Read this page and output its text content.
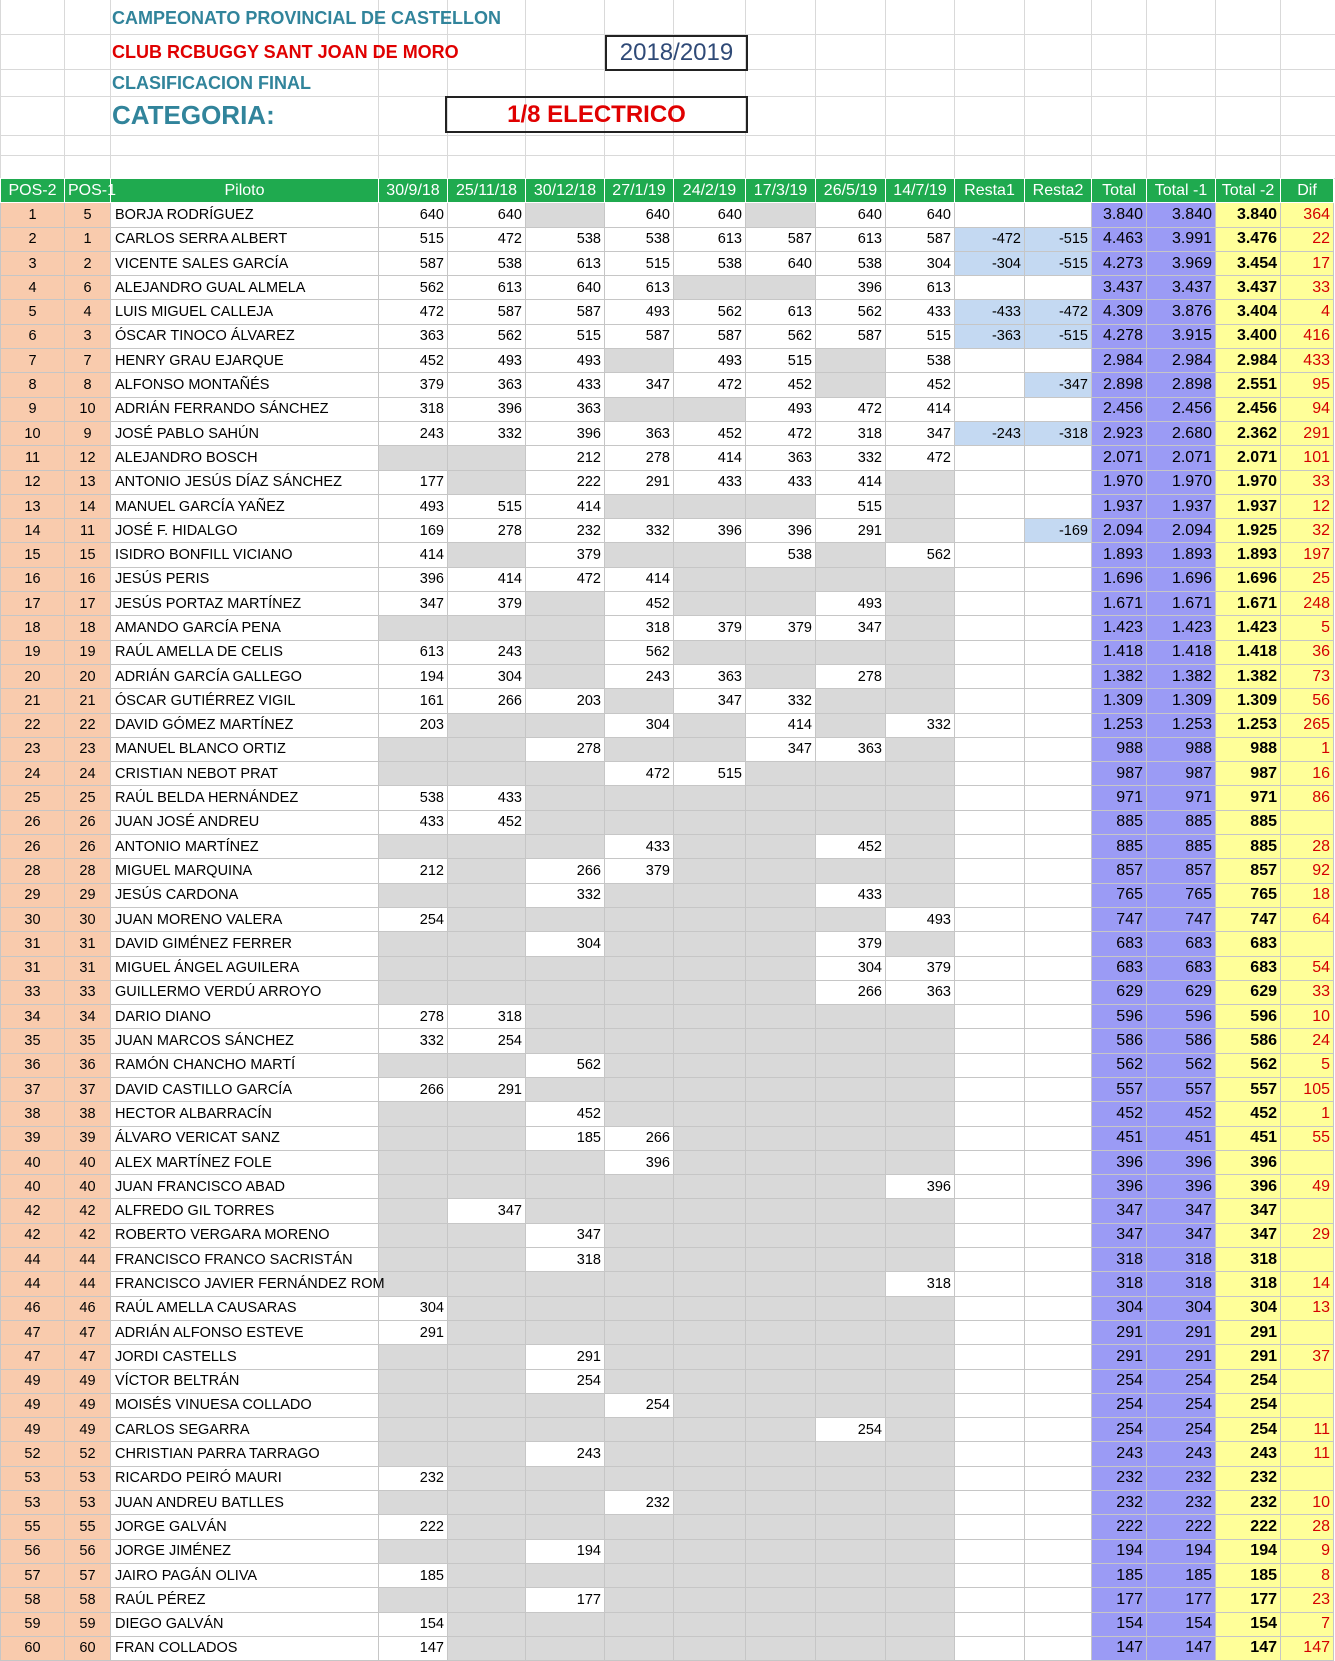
CAMPEONATO PROVINCIAL DE CASTELLON
CLUB RCBUGGY SANT JOAN DE MORO	2018/2019
CLASIFICACION FINAL
CATEGORIA:	1/8 ELECTRICO
POS-2	POS-1	Piloto	30/9/18	25/11/18	30/12/18	27/1/19	24/2/19	17/3/19	26/5/19	14/7/19	Resta1	Resta2	Total	Total -1	Total -2	Dif
1	5	BORJA RODRÍGUEZ	640	640		640	640		640	640			3.840	3.840	3.840	364
2	1	CARLOS SERRA ALBERT	515	472	538	538	613	587	613	587	-472	-515	4.463	3.991	3.476	22
3	2	VICENTE SALES GARCÍA	587	538	613	515	538	640	538	304	-304	-515	4.273	3.969	3.454	17
4	6	ALEJANDRO GUAL ALMELA	562	613	640	613			396	613			3.437	3.437	3.437	33
5	4	LUIS MIGUEL CALLEJA	472	587	587	493	562	613	562	433	-433	-472	4.309	3.876	3.404	4
6	3	ÓSCAR TINOCO ÁLVAREZ	363	562	515	587	587	562	587	515	-363	-515	4.278	3.915	3.400	416
7	7	HENRY GRAU EJARQUE	452	493	493		493	515		538			2.984	2.984	2.984	433
8	8	ALFONSO MONTAÑÉS	379	363	433	347	472	452		452		-347	2.898	2.898	2.551	95
9	10	ADRIÁN FERRANDO SÁNCHEZ	318	396	363			493	472	414			2.456	2.456	2.456	94
10	9	JOSÉ PABLO SAHÚN	243	332	396	363	452	472	318	347	-243	-318	2.923	2.680	2.362	291
11	12	ALEJANDRO BOSCH			212	278	414	363	332	472			2.071	2.071	2.071	101
12	13	ANTONIO JESÚS DÍAZ SÁNCHEZ	177		222	291	433	433	414				1.970	1.970	1.970	33
13	14	MANUEL GARCÍA YAÑEZ	493	515	414				515				1.937	1.937	1.937	12
14	11	JOSÉ F. HIDALGO	169	278	232	332	396	396	291			-169	2.094	2.094	1.925	32
15	15	ISIDRO BONFILL VICIANO	414		379			538		562			1.893	1.893	1.893	197
16	16	JESÚS PERIS	396	414	472	414							1.696	1.696	1.696	25
17	17	JESÚS PORTAZ MARTÍNEZ	347	379		452			493				1.671	1.671	1.671	248
18	18	AMANDO GARCÍA PENA				318	379	379	347				1.423	1.423	1.423	5
19	19	RAÚL AMELLA DE CELIS	613	243		562							1.418	1.418	1.418	36
20	20	ADRIÁN GARCÍA GALLEGO	194	304		243	363		278				1.382	1.382	1.382	73
21	21	ÓSCAR GUTIÉRREZ VIGIL	161	266	203		347	332					1.309	1.309	1.309	56
22	22	DAVID GÓMEZ MARTÍNEZ	203			304		414		332			1.253	1.253	1.253	265
23	23	MANUEL BLANCO ORTIZ			278			347	363				988	988	988	1
24	24	CRISTIAN NEBOT PRAT				472	515						987	987	987	16
25	25	RAÚL BELDA HERNÁNDEZ	538	433									971	971	971	86
26	26	JUAN JOSÉ ANDREU	433	452									885	885	885	
26	26	ANTONIO MARTÍNEZ				433			452				885	885	885	28
28	28	MIGUEL MARQUINA	212		266	379							857	857	857	92
29	29	JESÚS CARDONA			332				433				765	765	765	18
30	30	JUAN MORENO VALERA	254							493			747	747	747	64
31	31	DAVID GIMÉNEZ FERRER			304				379				683	683	683	
31	31	MIGUEL ÁNGEL AGUILERA							304	379			683	683	683	54
33	33	GUILLERMO VERDÚ ARROYO							266	363			629	629	629	33
34	34	DARIO DIANO	278	318									596	596	596	10
35	35	JUAN MARCOS SÁNCHEZ	332	254									586	586	586	24
36	36	RAMÓN CHANCHO MARTÍ			562								562	562	562	5
37	37	DAVID CASTILLO GARCÍA	266	291									557	557	557	105
38	38	HECTOR ALBARRACÍN			452								452	452	452	1
39	39	ÁLVARO VERICAT SANZ			185	266							451	451	451	55
40	40	ALEX MARTÍNEZ FOLE				396							396	396	396	
40	40	JUAN FRANCISCO ABAD								396			396	396	396	49
42	42	ALFREDO GIL TORRES		347									347	347	347	
42	42	ROBERTO VERGARA MORENO			347								347	347	347	29
44	44	FRANCISCO FRANCO SACRISTÁN			318								318	318	318	
44	44	FRANCISCO JAVIER FERNÁNDEZ ROM								318			318	318	318	14
46	46	RAÚL AMELLA CAUSARAS	304										304	304	304	13
47	47	ADRIÁN ALFONSO ESTEVE	291										291	291	291	
47	47	JORDI CASTELLS			291								291	291	291	37
49	49	VÍCTOR BELTRÁN			254								254	254	254	
49	49	MOISÉS VINUESA COLLADO				254							254	254	254	
49	49	CARLOS SEGARRA							254				254	254	254	11
52	52	CHRISTIAN PARRA TARRAGO			243								243	243	243	11
53	53	RICARDO PEIRÓ MAURI	232										232	232	232	
53	53	JUAN ANDREU BATLLES				232							232	232	232	10
55	55	JORGE GALVÁN	222										222	222	222	28
56	56	JORGE JIMÉNEZ			194								194	194	194	9
57	57	JAIRO PAGÁN OLIVA	185										185	185	185	8
58	58	RAÚL PÉREZ			177								177	177	177	23
59	59	DIEGO GALVÁN	154										154	154	154	7
60	60	FRAN COLLADOS	147										147	147	147	147
